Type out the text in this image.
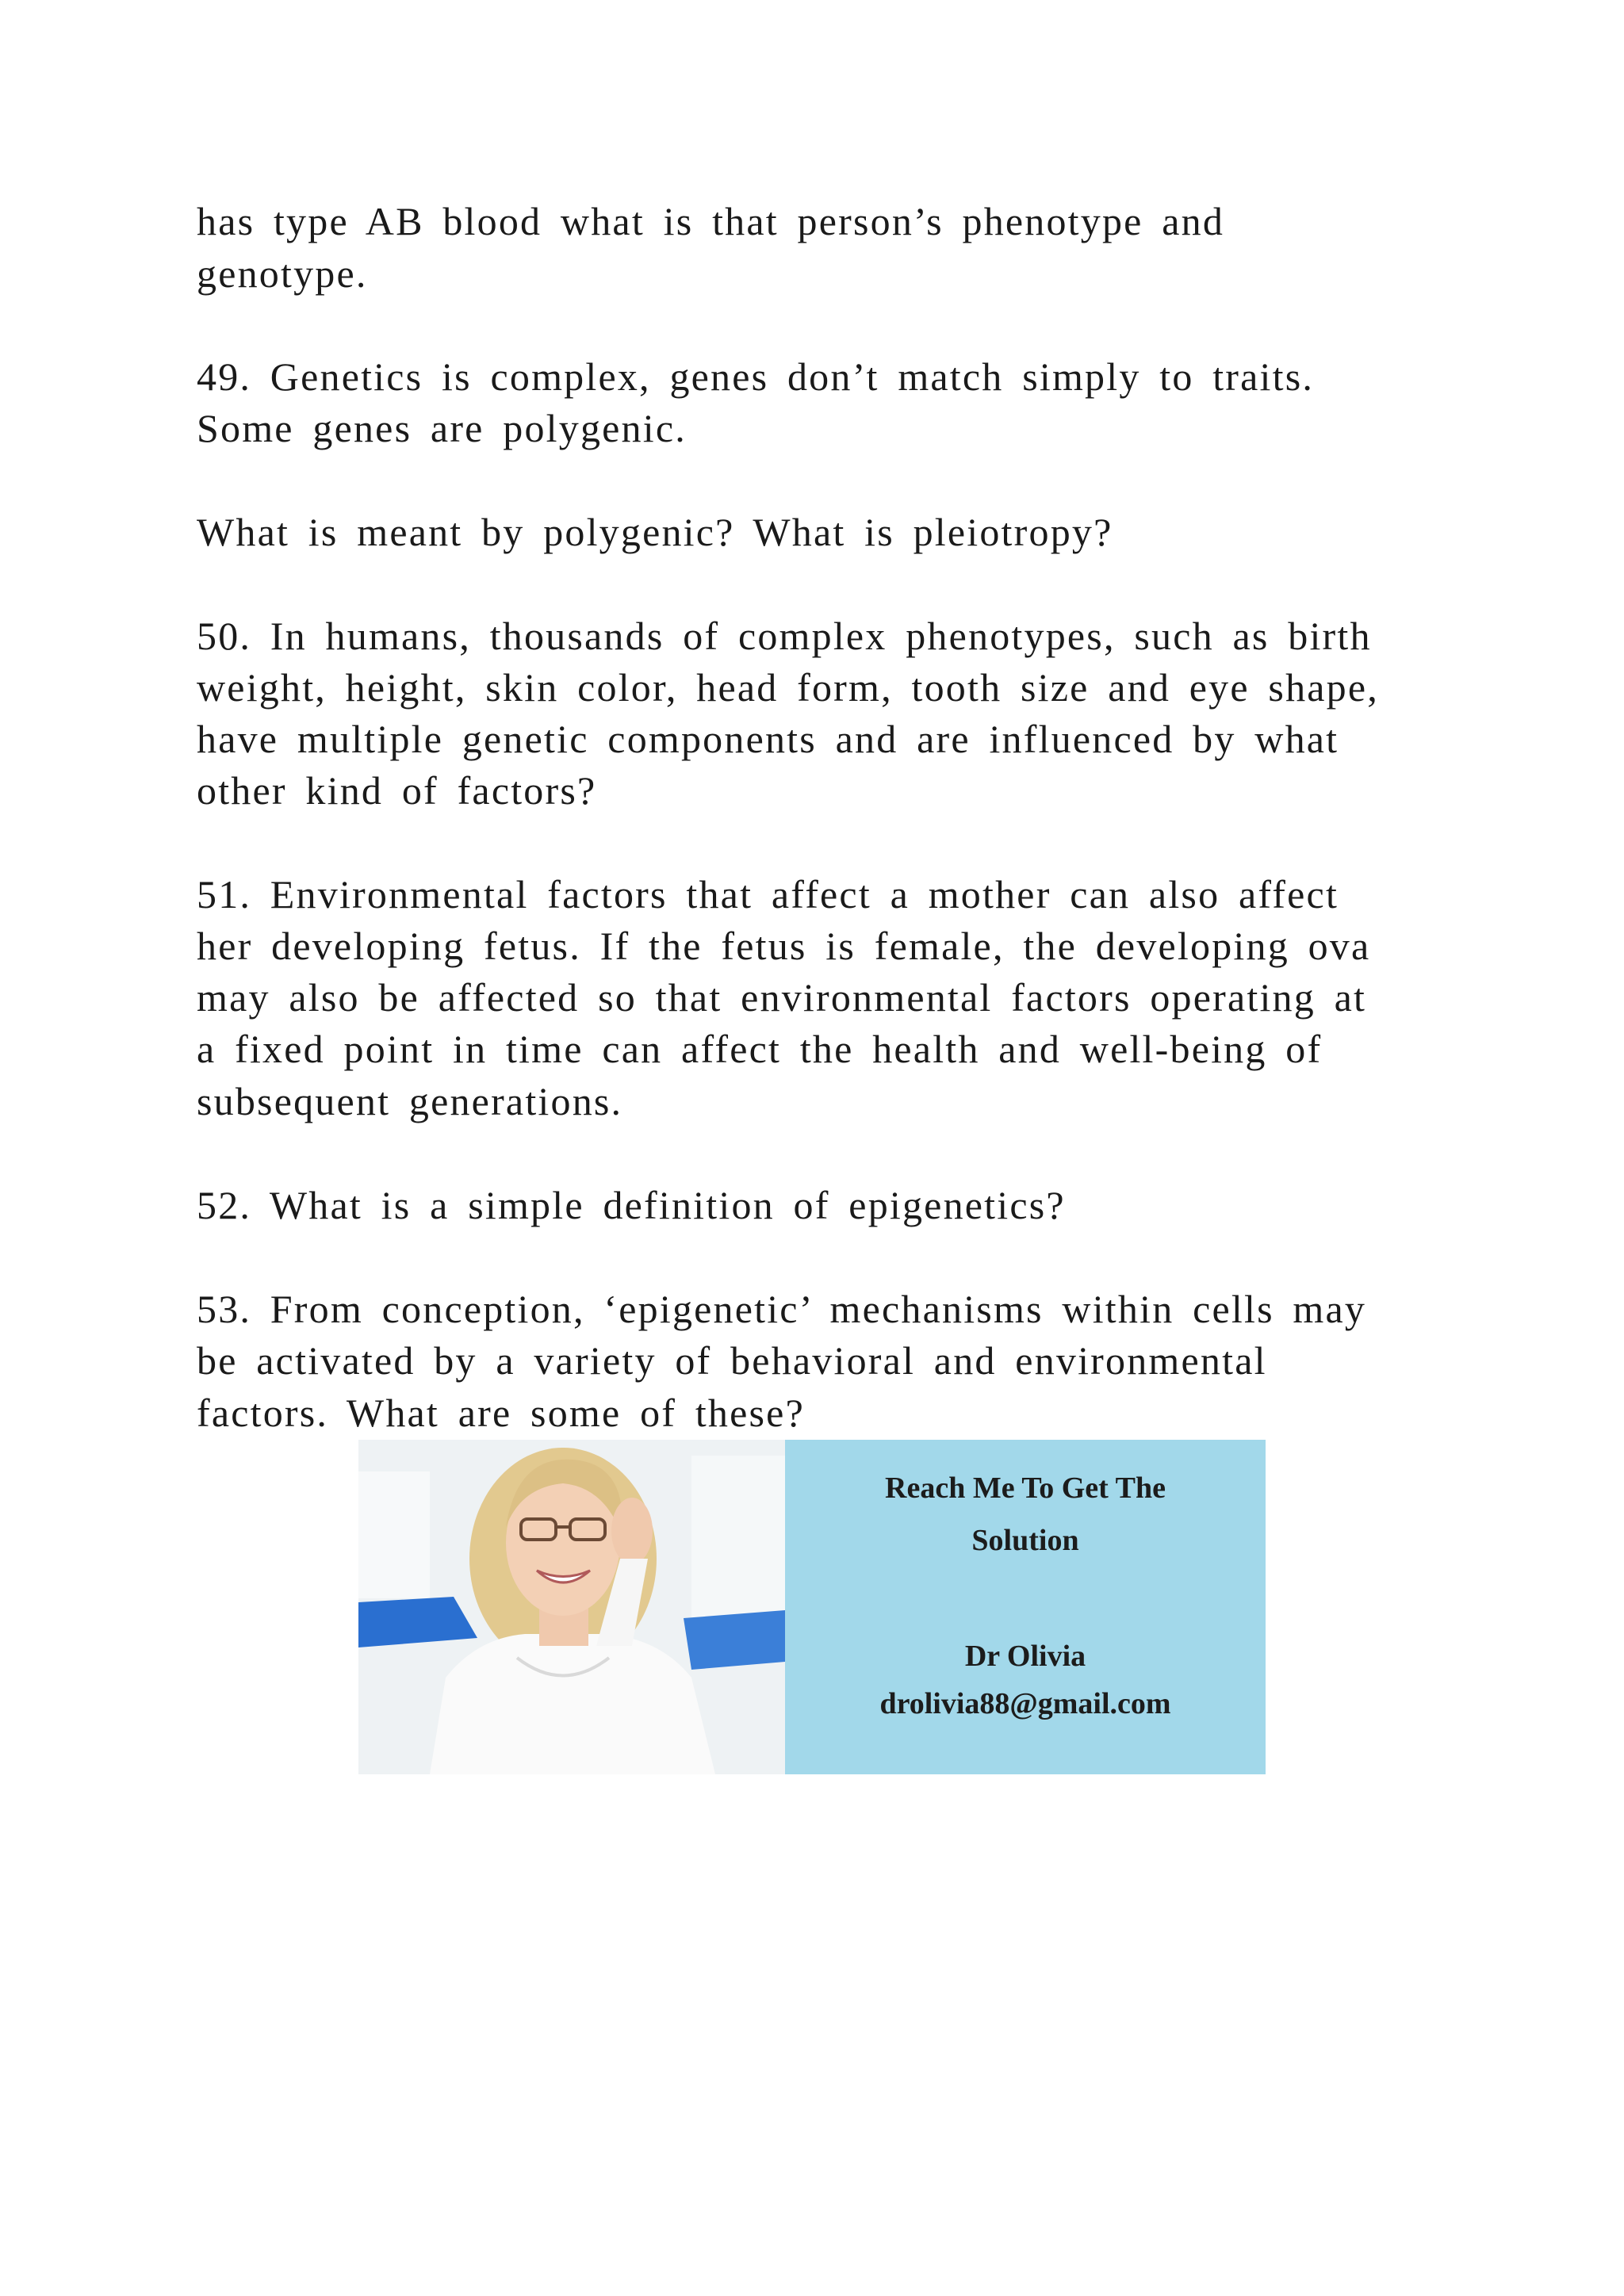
has type AB blood what is that person’s phenotype and
genotype.
49. Genetics is complex, genes don’t match simply to traits.
Some genes are polygenic.
What is meant by polygenic? What is pleiotropy?
50. In humans, thousands of complex phenotypes, such as birth
weight, height, skin color, head form, tooth size and eye shape,
have multiple genetic components and are influenced by what
other kind of factors?
51. Environmental factors that affect a mother can also affect
her developing fetus. If the fetus is female, the developing ova
may also be affected so that environmental factors operating at
a fixed point in time can affect the health and well-being of
subsequent generations.
52. What is a simple definition of epigenetics?
53. From conception, ‘epigenetic’ mechanisms within cells may
be activated by a variety of behavioral and environmental
factors. What are some of these?
Reach Me To Get The
Solution
Dr Olivia
drolivia88@gmail.com
